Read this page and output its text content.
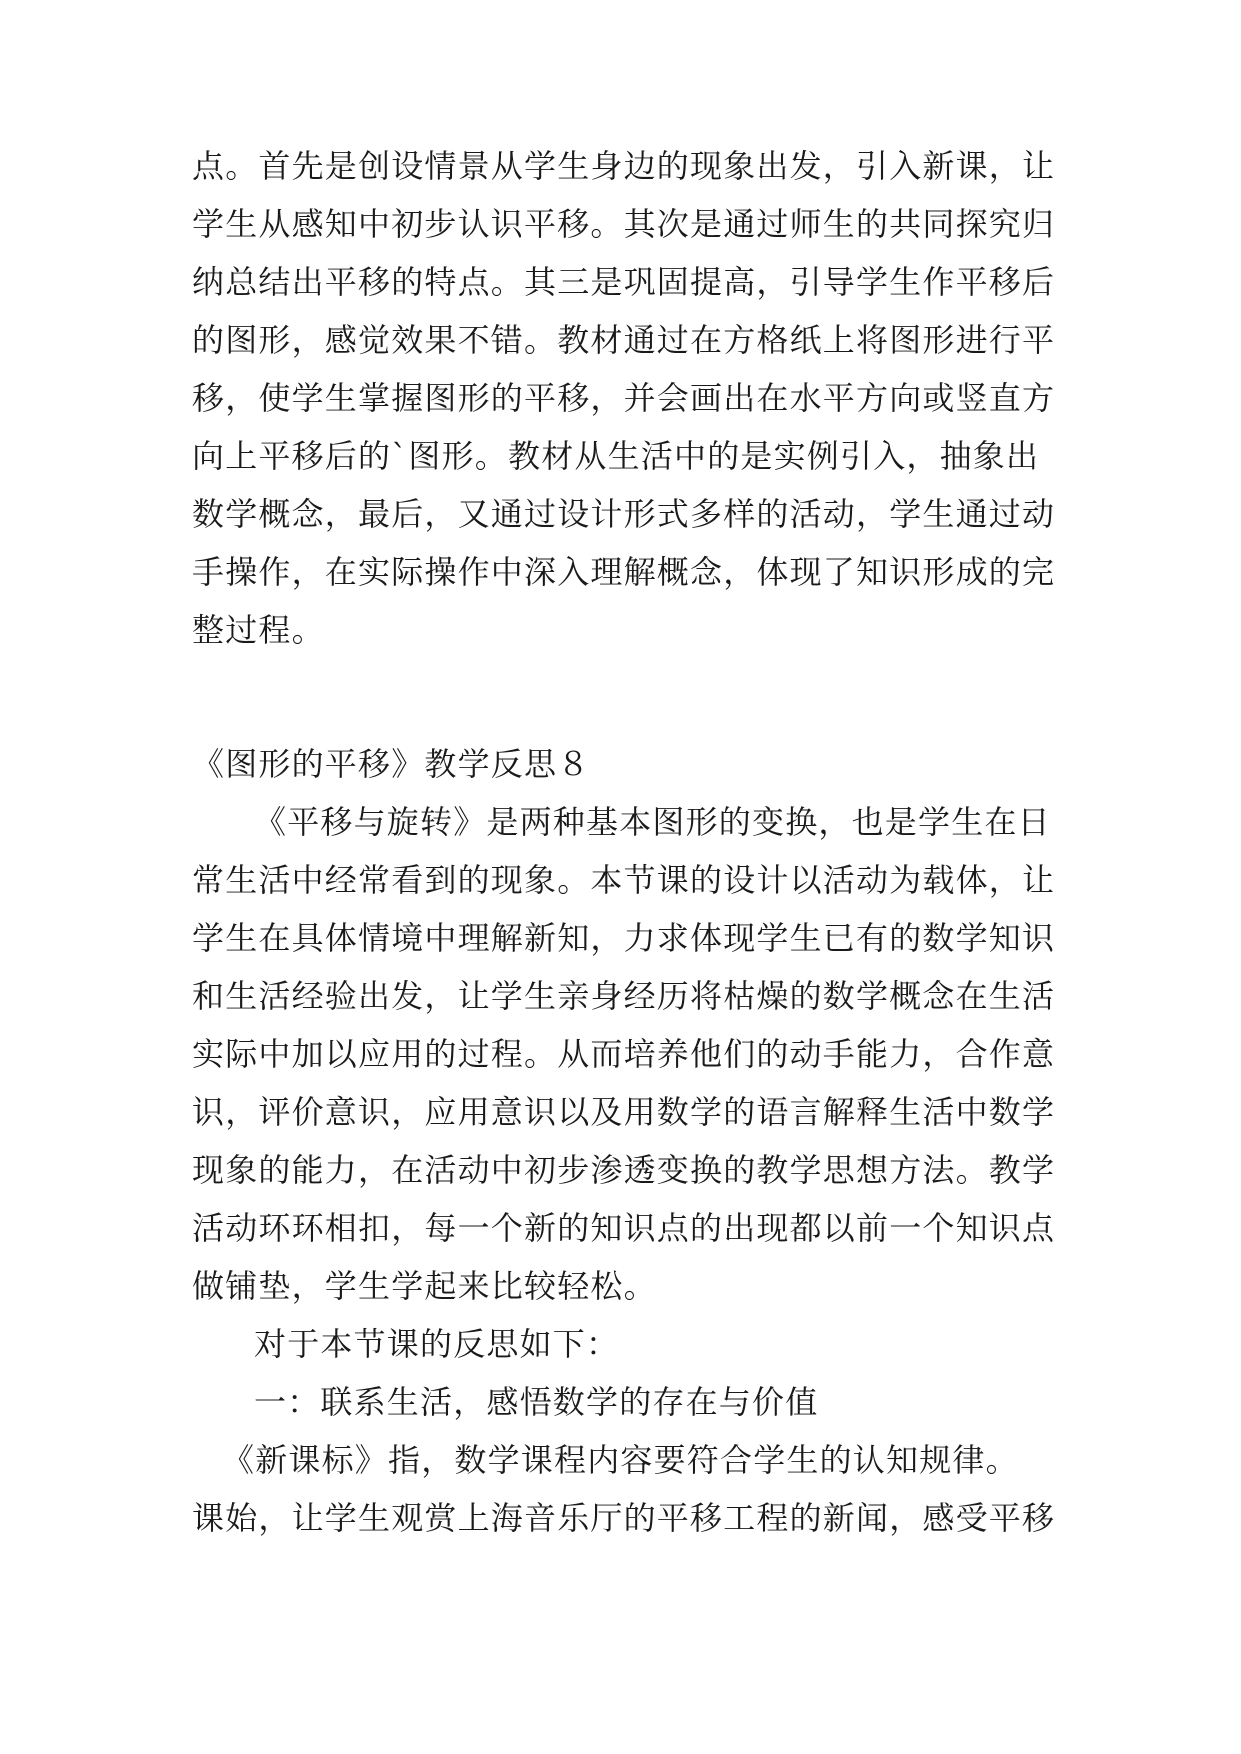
点。首先是创设情景从学生身边的现象出发，引入新课，让
学生从感知中初步认识平移。其次是通过师生的共同探究归
纳总结出平移的特点。其三是巩固提高，引导学生作平移后
的图形，感觉效果不错。教材通过在方格纸上将图形进行平
移，使学生掌握图形的平移，并会画出在水平方向或竖直方
向上平移后的`图形。教材从生活中的是实例引入，抽象出
数学概念，最后，又通过设计形式多样的活动，学生通过动
手操作，在实际操作中深入理解概念，体现了知识形成的完
整过程。
《图形的平移》教学反思８
《平移与旋转》是两种基本图形的变换，也是学生在日
常生活中经常看到的现象。本节课的设计以活动为载体，让
学生在具体情境中理解新知，力求体现学生已有的数学知识
和生活经验出发，让学生亲身经历将枯燥的数学概念在生活
实际中加以应用的过程。从而培养他们的动手能力，合作意
识，评价意识，应用意识以及用数学的语言解释生活中数学
现象的能力，在活动中初步渗透变换的教学思想方法。教学
活动环环相扣，每一个新的知识点的出现都以前一个知识点
做铺垫，学生学起来比较轻松。
对于本节课的反思如下：
一：联系生活，感悟数学的存在与价值
《新课标》指，数学课程内容要符合学生的认知规律。
课始，让学生观赏上海音乐厅的平移工程的新闻，感受平移
